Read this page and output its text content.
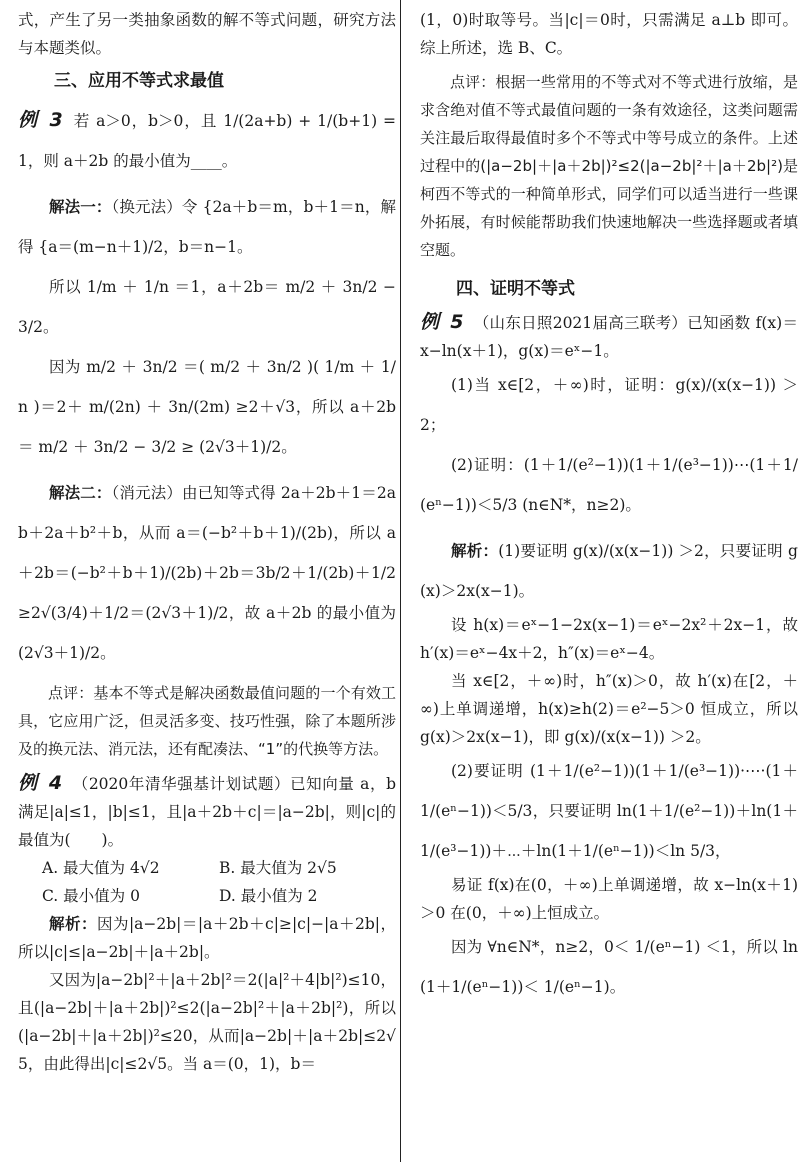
式，产生了另一类抽象函数的解不等式问题，研究方法与本题类似。

三、应用不等式求最值

例 3 若 a＞0，b＞0，且 1/(2a+b) + 1/(b+1) =1，则 a＋2b 的最小值为____。

解法一：（换元法）令 {2a＋b＝m，b＋1＝n，解得 {a＝(m−n＋1)/2，b＝n−1。

所以 1/m ＋ 1/n ＝1，a＋2b＝ m/2 ＋ 3n/2 − 3/2。

因为 m/2 ＋ 3n/2 ＝( m/2 ＋ 3n/2 )( 1/m ＋ 1/n )＝2＋ m/(2n) ＋ 3n/(2m) ≥2＋√3，所以 a＋2b＝ m/2 ＋ 3n/2 − 3/2 ≥ (2√3＋1)/2。

解法二：（消元法）由已知等式得 2a＋2b＋1＝2ab＋2a＋b²＋b，从而 a＝(−b²＋b＋1)/(2b)，所以 a＋2b＝(−b²＋b＋1)/(2b)＋2b＝3b/2＋1/(2b)＋1/2≥2√(3/4)＋1/2＝(2√3＋1)/2，故 a＋2b 的最小值为 (2√3＋1)/2。

点评：基本不等式是解决函数最值问题的一个有效工具，它应用广泛，但灵活多变、技巧性强，除了本题所涉及的换元法、消元法，还有配凑法、“1”的代换等方法。

例 4 （2020年清华强基计划试题）已知向量 a，b 满足|a|≤1，|b|≤1，且|a＋2b＋c|＝|a−2b|，则|c|的最值为(　　)。

A. 最大值为 4√2	B. 最大值为 2√5
C. 最小值为 0	D. 最小值为 2

解析：因为|a−2b|＝|a＋2b＋c|≥|c|−|a＋2b|，所以|c|≤|a−2b|＋|a＋2b|。

又因为|a−2b|²＋|a＋2b|²＝2(|a|²＋4|b|²)≤10，且(|a−2b|＋|a＋2b|)²≤2(|a−2b|²＋|a＋2b|²)，所以(|a−2b|＋|a＋2b|)²≤20，从而|a−2b|＋|a＋2b|≤2√5，由此得出|c|≤2√5。当 a＝(0，1)，b＝

(1，0)时取等号。当|c|＝0时，只需满足 a⊥b 即可。综上所述，选 B、C。

点评：根据一些常用的不等式对不等式进行放缩，是求含绝对值不等式最值问题的一条有效途径，这类问题需关注最后取得最值时多个不等式中等号成立的条件。上述过程中的(|a−2b|＋|a＋2b|)²≤2(|a−2b|²＋|a＋2b|²)是柯西不等式的一种简单形式，同学们可以适当进行一些课外拓展，有时候能帮助我们快速地解决一些选择题或者填空题。

四、证明不等式

例 5 （山东日照2021届高三联考）已知函数 f(x)＝x−ln(x＋1)，g(x)＝eˣ−1。

(1)当 x∈[2，＋∞)时，证明：g(x)/(x(x−1)) ＞2；

(2)证明：(1＋1/(e²−1))(1＋1/(e³−1))⋯(1＋1/(eⁿ−1))＜5/3 (n∈N*，n≥2)。

解析：(1)要证明 g(x)/(x(x−1)) ＞2，只要证明 g(x)＞2x(x−1)。

设 h(x)＝eˣ−1−2x(x−1)＝eˣ−2x²＋2x−1，故 h′(x)＝eˣ−4x＋2，h″(x)＝eˣ−4。

当 x∈[2，＋∞)时，h″(x)＞0，故 h′(x)在[2，＋∞)上单调递增，h(x)≥h(2)＝e²−5＞0 恒成立，所以 g(x)＞2x(x−1)，即 g(x)/(x(x−1)) ＞2。

(2)要证明 (1＋1/(e²−1))(1＋1/(e³−1))·⋯·(1＋1/(eⁿ−1))＜5/3，只要证明 ln(1＋1/(e²−1))＋ln(1＋1/(e³−1))＋⋯＋ln(1＋1/(eⁿ−1))＜ln 5/3，

易证 f(x)在(0，＋∞)上单调递增，故 x−ln(x＋1)＞0 在(0，＋∞)上恒成立。

因为 ∀n∈N*，n≥2，0＜ 1/(eⁿ−1) ＜1，所以 ln(1＋1/(eⁿ−1))＜ 1/(eⁿ−1)。
